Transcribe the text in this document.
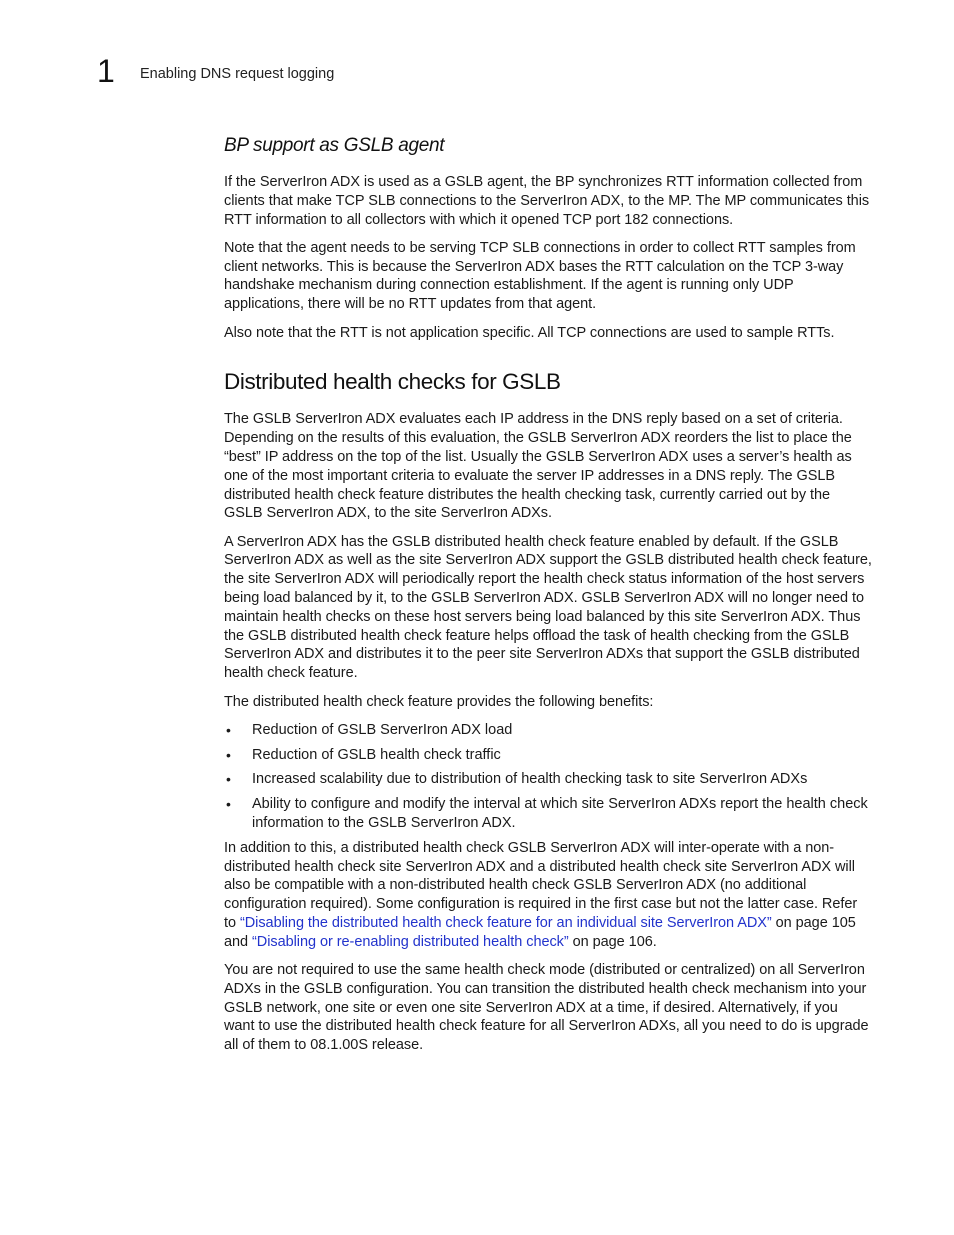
1 Enabling DNS request logging
BP support as GSLB agent

If the ServerIron ADX is used as a GSLB agent, the BP synchronizes RTT information collected from clients that make TCP SLB connections to the ServerIron ADX, to the MP. The MP communicates this RTT information to all collectors with which it opened TCP port 182 connections.

Note that the agent needs to be serving TCP SLB connections in order to collect RTT samples from client networks. This is because the ServerIron ADX bases the RTT calculation on the TCP 3-way handshake mechanism during connection establishment. If the agent is running only UDP applications, there will be no RTT updates from that agent.

Also note that the RTT is not application specific. All TCP connections are used to sample RTTs.

Distributed health checks for GSLB

The GSLB ServerIron ADX evaluates each IP address in the DNS reply based on a set of criteria. Depending on the results of this evaluation, the GSLB ServerIron ADX reorders the list to place the “best” IP address on the top of the list. Usually the GSLB ServerIron ADX uses a server’s health as one of the most important criteria to evaluate the server IP addresses in a DNS reply. The GSLB distributed health check feature distributes the health checking task, currently carried out by the GSLB ServerIron ADX, to the site ServerIron ADXs.

A ServerIron ADX has the GSLB distributed health check feature enabled by default. If the GSLB ServerIron ADX as well as the site ServerIron ADX support the GSLB distributed health check feature, the site ServerIron ADX will periodically report the health check status information of the host servers being load balanced by it, to the GSLB ServerIron ADX. GSLB ServerIron ADX will no longer need to maintain health checks on these host servers being load balanced by this site ServerIron ADX. Thus the GSLB distributed health check feature helps offload the task of health checking from the GSLB ServerIron ADX and distributes it to the peer site ServerIron ADXs that support the GSLB distributed health check feature.

The distributed health check feature provides the following benefits:

• Reduction of GSLB ServerIron ADX load
• Reduction of GSLB health check traffic
• Increased scalability due to distribution of health checking task to site ServerIron ADXs
• Ability to configure and modify the interval at which site ServerIron ADXs report the health check information to the GSLB ServerIron ADX.

In addition to this, a distributed health check GSLB ServerIron ADX will inter-operate with a non-distributed health check site ServerIron ADX and a distributed health check site ServerIron ADX will also be compatible with a non-distributed health check GSLB ServerIron ADX (no additional configuration required). Some configuration is required in the first case but not the latter case. Refer to “Disabling the distributed health check feature for an individual site ServerIron ADX” on page 105 and “Disabling or re-enabling distributed health check” on page 106.

You are not required to use the same health check mode (distributed or centralized) on all ServerIron ADXs in the GSLB configuration. You can transition the distributed health check mechanism into your GSLB network, one site or even one site ServerIron ADX at a time, if desired. Alternatively, if you want to use the distributed health check feature for all ServerIron ADXs, all you need to do is upgrade all of them to 08.1.00S release.
